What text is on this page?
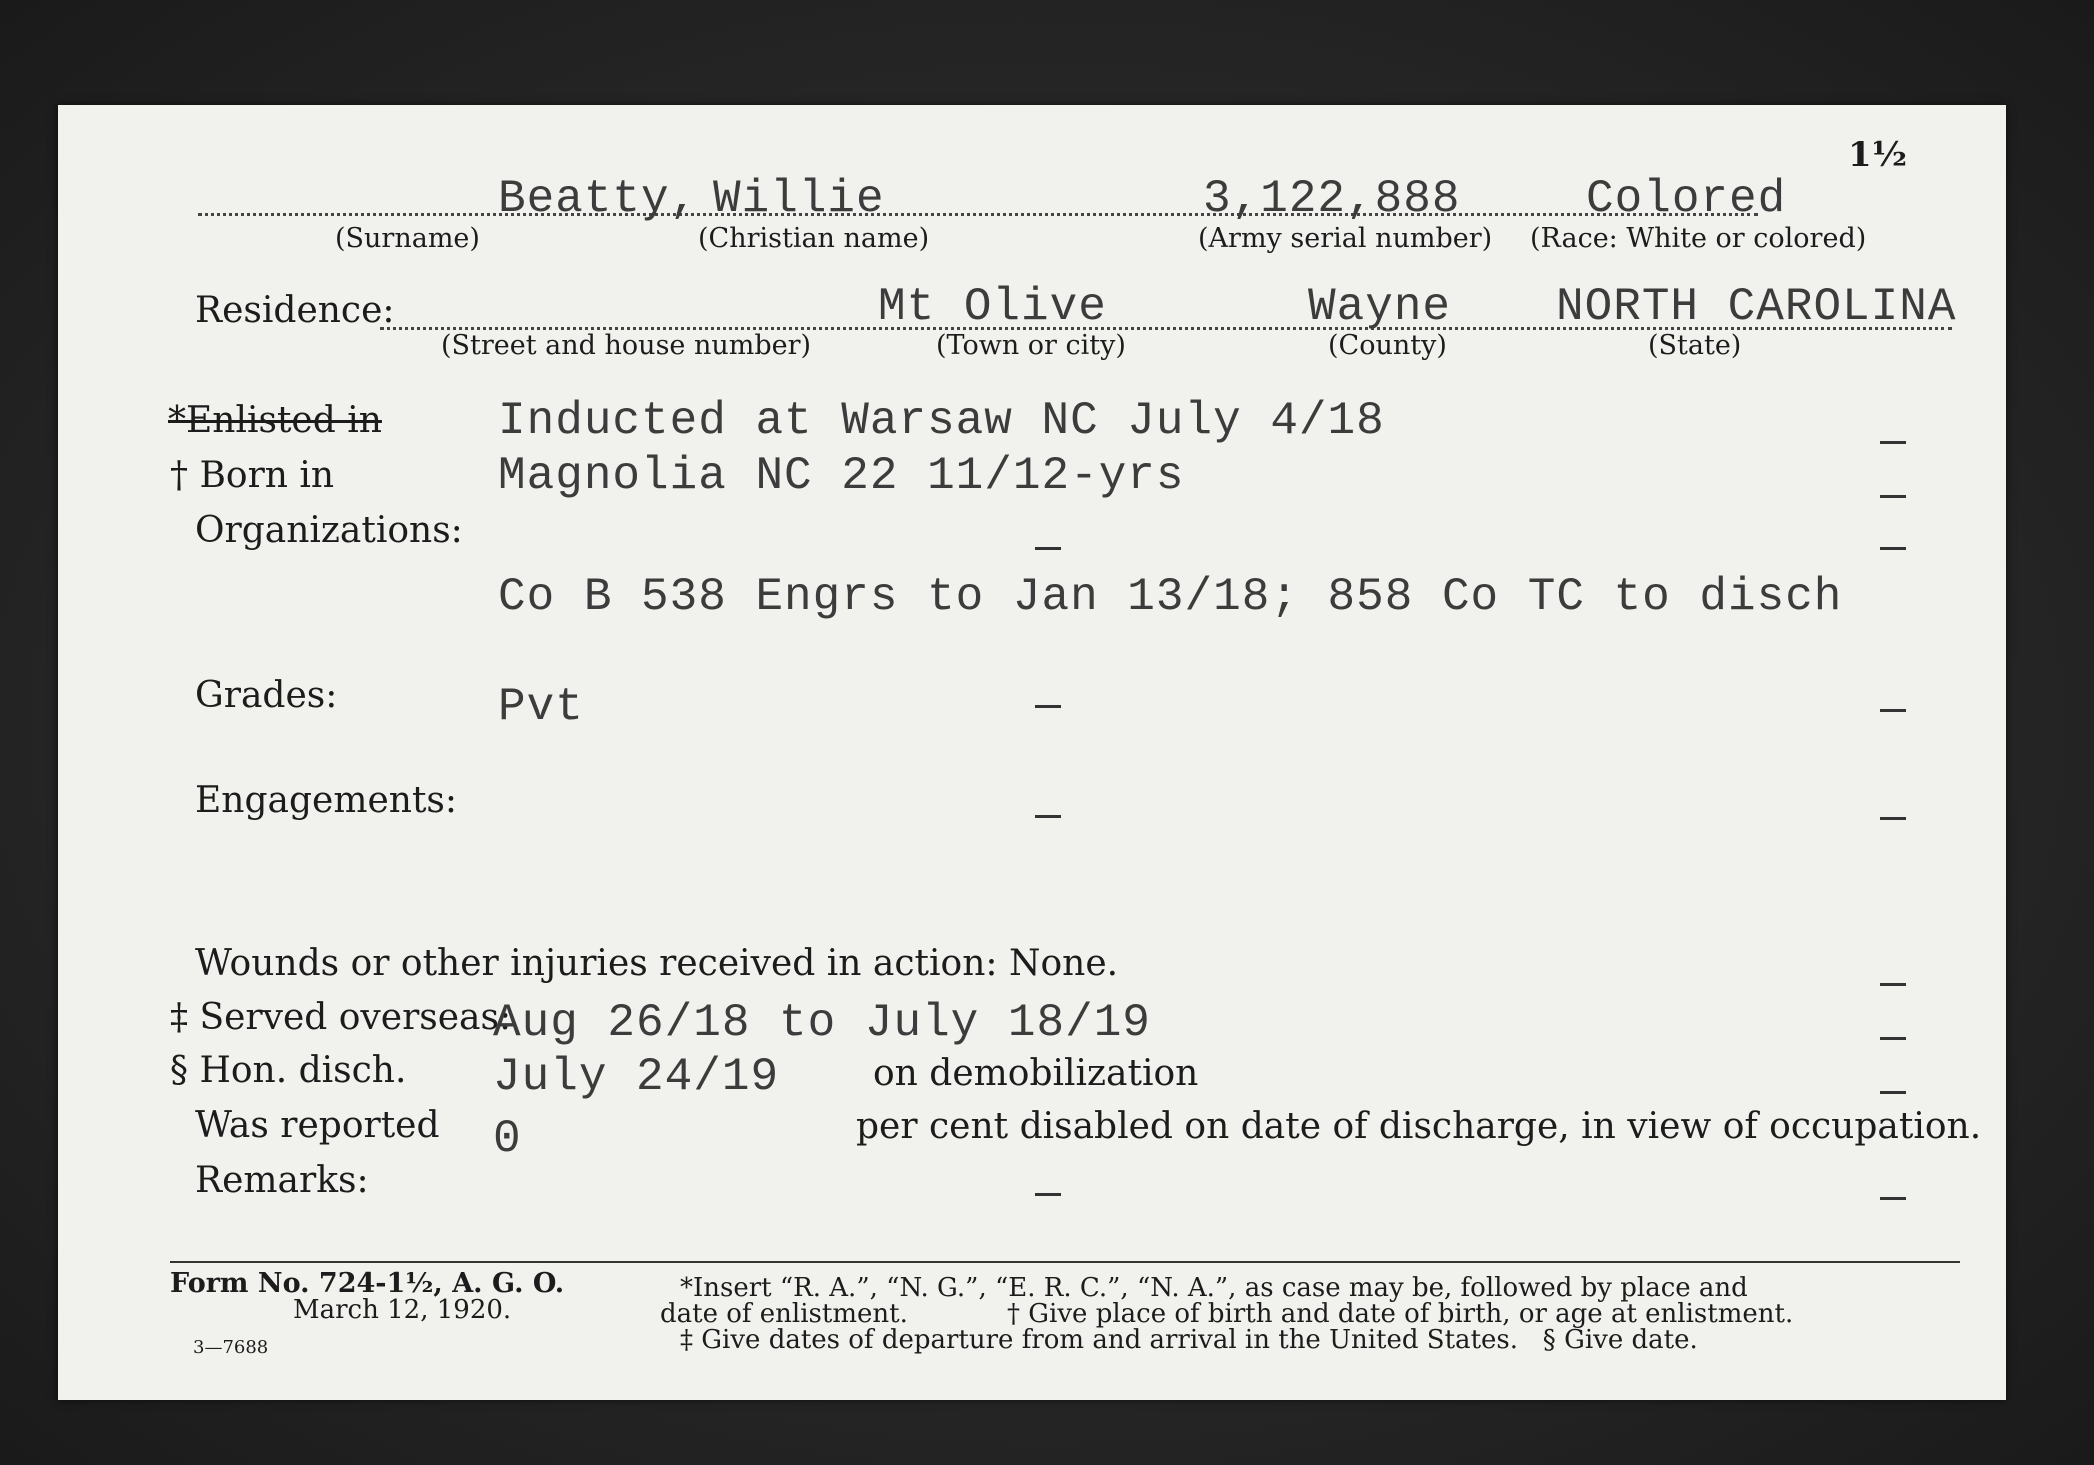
1½
Beatty, Willie	3,122,888	Colored
(Surname)	(Christian name)	(Army serial number) (Race: White or colored)
Residence:	Mt Olive	Wayne NORTH CAROLINA
(Street and house number)	(Town or city)	(County)	(State)
*Enlisted in	Inducted at Warsaw NC July 4/18
† Born in	Magnolia NC 22 11/12-yrs
Organizations:
Co B 538 Engrs to Jan 13/18; 858 Co TC to disch
Grades:	Pvt
Engagements:
Wounds or other injuries received in action: None.
‡ Served overseas:
Aug 26/18 to July 18/19
§ Hon. disch. July 24/19	on demobilization
Was reported 0	per cent disabled on date of discharge, in view of occupation.
Remarks:
Form No. 724-1½, A. G. O.
March 12, 1920.
3—7688
*Insert “R. A.”, “N. G.”, “E. R. C.”, “N. A.”, as case may be, followed by place and
date of enlistment.            † Give place of birth and date of birth, or age at enlistment.
‡ Give dates of departure from and arrival in the United States.   § Give date.
